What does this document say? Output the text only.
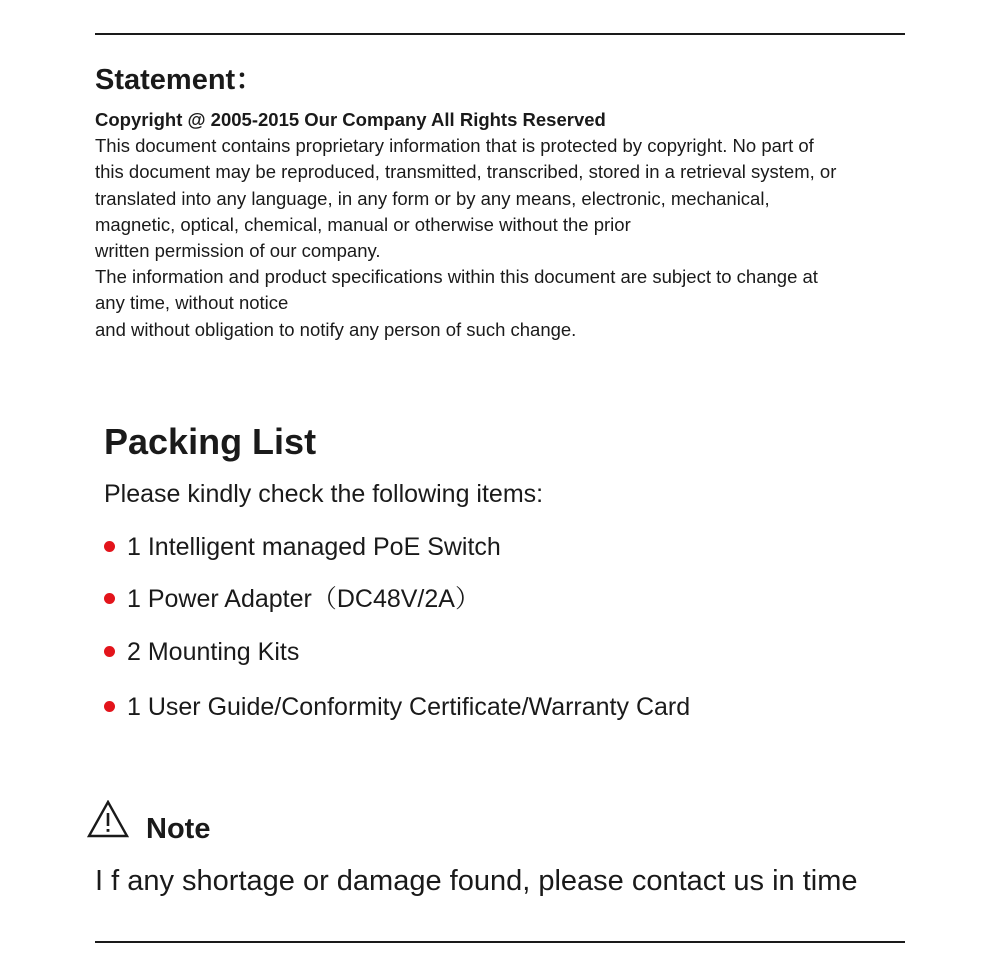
Statement：
Copyright @ 2005-2015 Our Company All Rights Reserved
This document contains proprietary information that is protected by copyright. No part of
this document may be reproduced, transmitted, transcribed, stored in a retrieval system, or
translated into any language, in any form or by any means, electronic, mechanical,
magnetic, optical, chemical, manual or otherwise without the prior
written permission of our company.
The information and product specifications within this document are subject to change at
any time, without notice
and without obligation to notify any person of such change.
Packing List
Please kindly check the following items:
1 Intelligent managed PoE Switch
1 Power Adapter（DC48V/2A）
2 Mounting Kits
1 User Guide/Conformity Certificate/Warranty Card
Note
I f any shortage or damage found, please contact us in time
